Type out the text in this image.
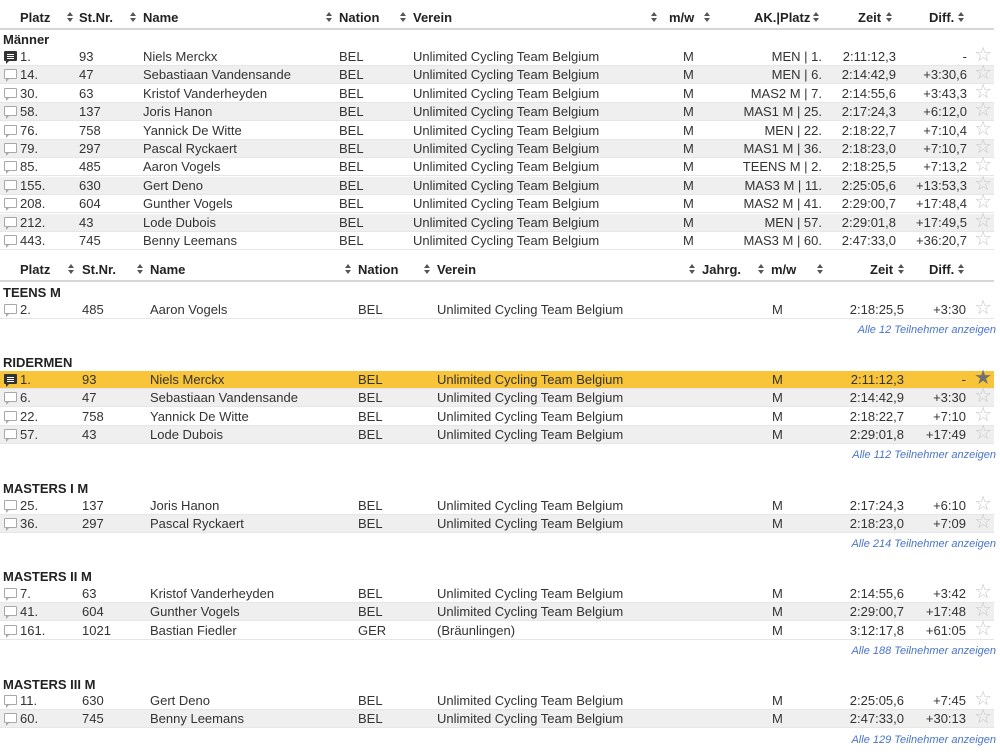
Platz St.Nr. Name	Nation	Verein	m/w	AK.|Platz	Zeit	Diff.
Männer
1.	93	Niels Merckx	BEL	Unlimited Cycling Team Belgium	M	MEN | 1. 2:11:12,3	- ☆
14.	47	Sebastiaan Vandensande	BEL	Unlimited Cycling Team Belgium	M	MEN | 6. 2:14:42,9 +3:30,6 ☆
30.	63	Kristof Vanderheyden	BEL	Unlimited Cycling Team Belgium	M	MAS2 M | 7. 2:14:55,6 +3:43,3 ☆
58.	137	Joris Hanon	BEL	Unlimited Cycling Team Belgium	M	MAS1 M | 25. 2:17:24,3 +6:12,0 ☆
76.	758	Yannick De Witte	BEL	Unlimited Cycling Team Belgium	M	MEN | 22. 2:18:22,7 +7:10,4 ☆
79.	297	Pascal Ryckaert	BEL	Unlimited Cycling Team Belgium	M	MAS1 M | 36. 2:18:23,0 +7:10,7 ☆
85.	485	Aaron Vogels	BEL	Unlimited Cycling Team Belgium	M	TEENS M | 2. 2:18:25,5 +7:13,2 ☆
155.	630	Gert Deno	BEL	Unlimited Cycling Team Belgium	M	MAS3 M | 11. 2:25:05,6 +13:53,3 ☆
208.	604	Gunther Vogels	BEL	Unlimited Cycling Team Belgium	M	MAS2 M | 41. 2:29:00,7 +17:48,4 ☆
212.	43	Lode Dubois	BEL	Unlimited Cycling Team Belgium	M	MEN | 57. 2:29:01,8 +17:49,5 ☆
443.	745	Benny Leemans	BEL	Unlimited Cycling Team Belgium	M	MAS3 M | 60. 2:47:33,0 +36:20,7 ☆
Platz St.Nr.	Name	Nation	Verein	Jahrg. m/w	Zeit	Diff.
TEENS M
2.	485	Aaron Vogels	BEL	Unlimited Cycling Team Belgium	M	2:18:25,5 +3:30 ☆
Alle 12 Teilnehmer anzeigen
RIDERMEN
1.	93	Niels Merckx	BEL	Unlimited Cycling Team Belgium	M	2:11:12,3	- ★
6.	47	Sebastiaan Vandensande	BEL	Unlimited Cycling Team Belgium	M	2:14:42,9 +3:30 ☆
22.	758	Yannick De Witte	BEL	Unlimited Cycling Team Belgium	M	2:18:22,7 +7:10 ☆
57.	43	Lode Dubois	BEL	Unlimited Cycling Team Belgium	M	2:29:01,8 +17:49 ☆
Alle 112 Teilnehmer anzeigen
MASTERS I M
25.	137	Joris Hanon	BEL	Unlimited Cycling Team Belgium	M	2:17:24,3 +6:10 ☆
36.	297	Pascal Ryckaert	BEL	Unlimited Cycling Team Belgium	M	2:18:23,0 +7:09 ☆
Alle 214 Teilnehmer anzeigen
MASTERS II M
7.	63	Kristof Vanderheyden	BEL	Unlimited Cycling Team Belgium	M	2:14:55,6 +3:42 ☆
41.	604	Gunther Vogels	BEL	Unlimited Cycling Team Belgium	M	2:29:00,7 +17:48 ☆
161.	1021	Bastian Fiedler	GER	(Bräunlingen)	M	3:12:17,8 +61:05 ☆
Alle 188 Teilnehmer anzeigen
MASTERS III M
11.	630	Gert Deno	BEL	Unlimited Cycling Team Belgium	M	2:25:05,6 +7:45 ☆
60.	745	Benny Leemans	BEL	Unlimited Cycling Team Belgium	M	2:47:33,0 +30:13 ☆
Alle 129 Teilnehmer anzeigen
